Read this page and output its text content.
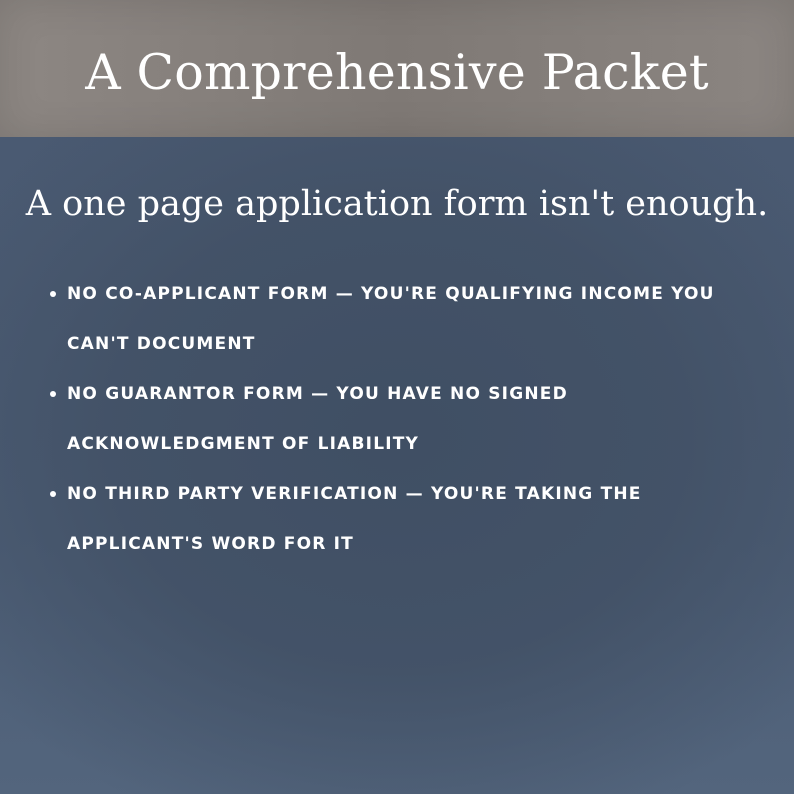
A Comprehensive Packet
A one page application form isn't enough.
NO CO-APPLICANT FORM — YOU'RE QUALIFYING INCOME YOU CAN'T DOCUMENT
NO GUARANTOR FORM — YOU HAVE NO SIGNED ACKNOWLEDGMENT OF LIABILITY
NO THIRD PARTY VERIFICATION — YOU'RE TAKING THE APPLICANT'S WORD FOR IT
